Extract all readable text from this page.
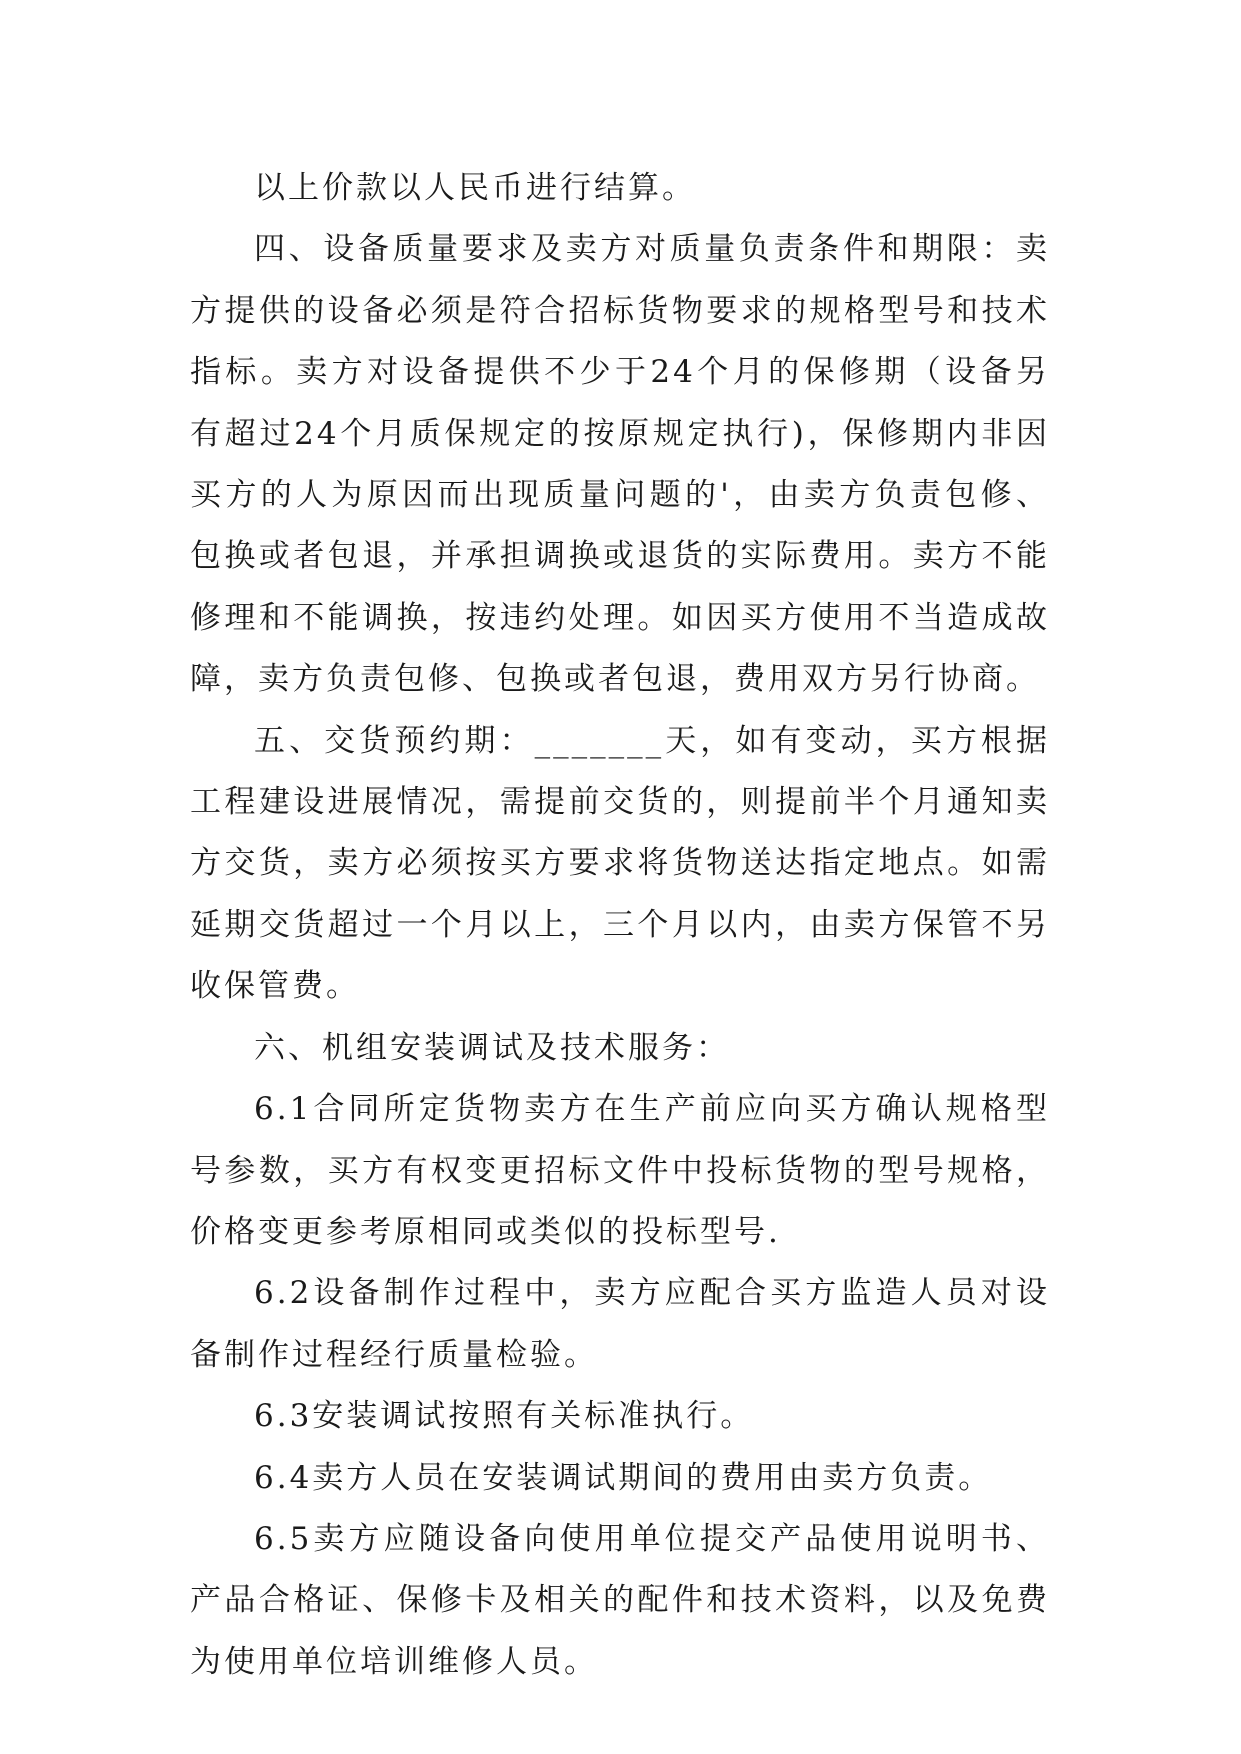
以上价款以人民币进行结算。

四、设备质量要求及卖方对质量负责条件和期限：卖方提供的设备必须是符合招标货物要求的规格型号和技术指标。卖方对设备提供不少于24个月的保修期（设备另有超过24个月质保规定的按原规定执行)，保修期内非因买方的人为原因而出现质量问题的'，由卖方负责包修、包换或者包退，并承担调换或退货的实际费用。卖方不能修理和不能调换，按违约处理。如因买方使用不当造成故障，卖方负责包修、包换或者包退，费用双方另行协商。

五、交货预约期：_______天，如有变动，买方根据工程建设进展情况，需提前交货的，则提前半个月通知卖方交货，卖方必须按买方要求将货物送达指定地点。如需延期交货超过一个月以上，三个月以内，由卖方保管不另收保管费。

六、机组安装调试及技术服务：

6.1合同所定货物卖方在生产前应向买方确认规格型号参数，买方有权变更招标文件中投标货物的型号规格，价格变更参考原相同或类似的投标型号.

6.2设备制作过程中，卖方应配合买方监造人员对设备制作过程经行质量检验。

6.3安装调试按照有关标准执行。

6.4卖方人员在安装调试期间的费用由卖方负责。

6.5卖方应随设备向使用单位提交产品使用说明书、产品合格证、保修卡及相关的配件和技术资料，以及免费为使用单位培训维修人员。
